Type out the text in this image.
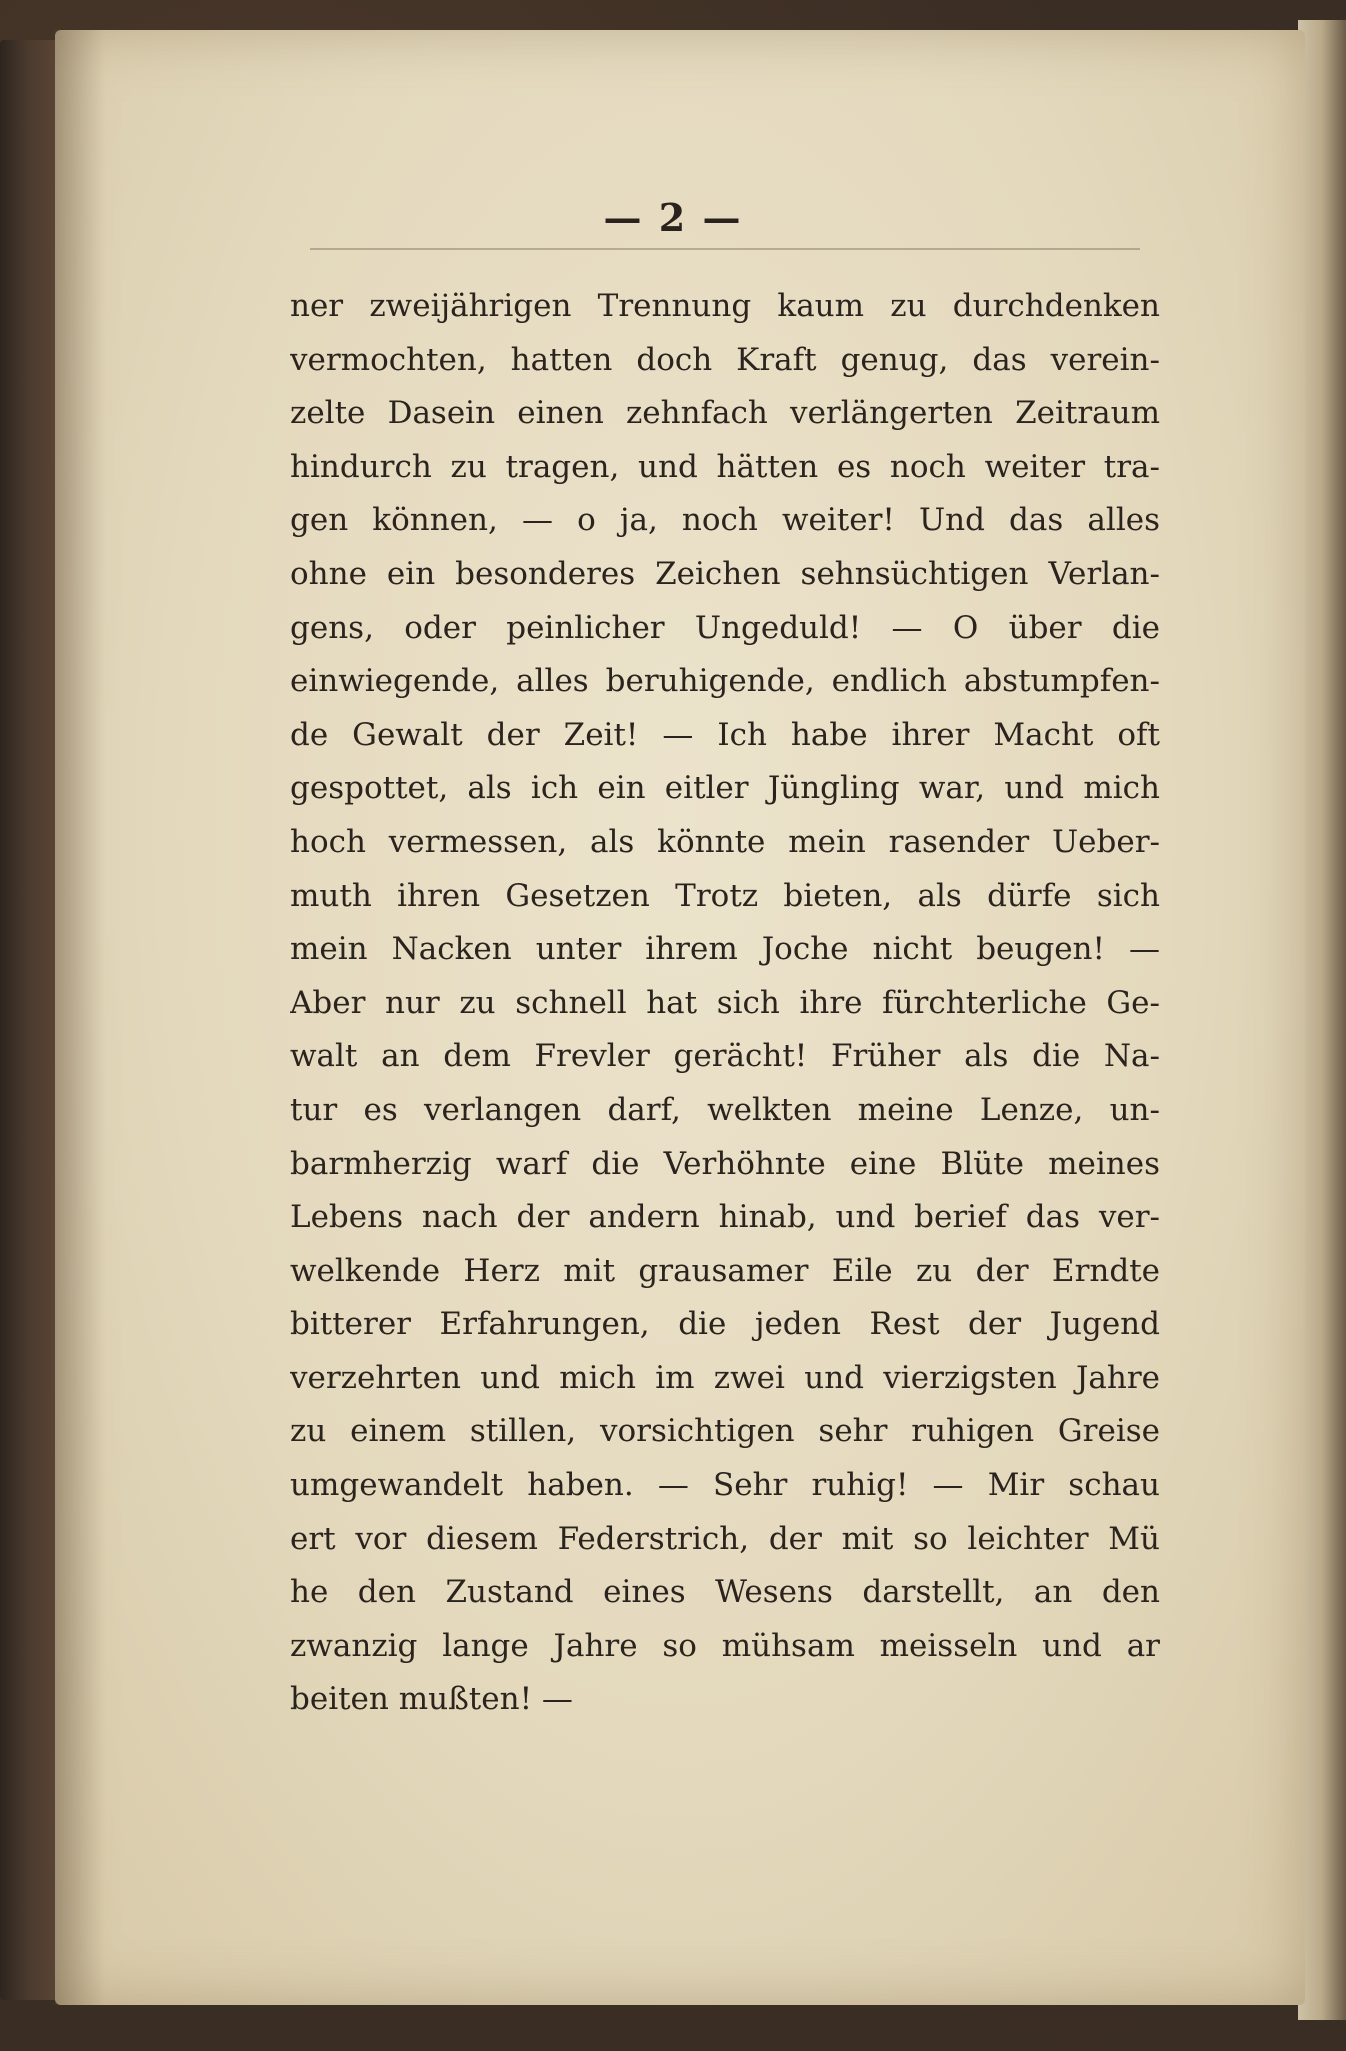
— 2 —
ner zweijährigen Trennung kaum zu durchdenken
vermochten, hatten doch Kraft genug, das verein-
zelte Dasein einen zehnfach verlängerten Zeitraum
hindurch zu tragen, und hätten es noch weiter tra-
gen können, — o ja, noch weiter! Und das alles
ohne ein besonderes Zeichen sehnsüchtigen Verlan-
gens, oder peinlicher Ungeduld! — O über die
einwiegende, alles beruhigende, endlich abstumpfen-
de Gewalt der Zeit! — Ich habe ihrer Macht oft
gespottet, als ich ein eitler Jüngling war, und mich
hoch vermessen, als könnte mein rasender Ueber-
muth ihren Gesetzen Trotz bieten, als dürfe sich
mein Nacken unter ihrem Joche nicht beugen! —
Aber nur zu schnell hat sich ihre fürchterliche Ge-
walt an dem Frevler gerächt! Früher als die Na-
tur es verlangen darf, welkten meine Lenze, un-
barmherzig warf die Verhöhnte eine Blüte meines
Lebens nach der andern hinab, und berief das ver-
welkende Herz mit grausamer Eile zu der Erndte
bitterer Erfahrungen, die jeden Rest der Jugend
verzehrten und mich im zwei und vierzigsten Jahre
zu einem stillen, vorsichtigen sehr ruhigen Greise
umgewandelt haben. — Sehr ruhig! — Mir schau
ert vor diesem Federstrich, der mit so leichter Mü
he den Zustand eines Wesens darstellt, an den
zwanzig lange Jahre so mühsam meisseln und ar
beiten mußten! —
